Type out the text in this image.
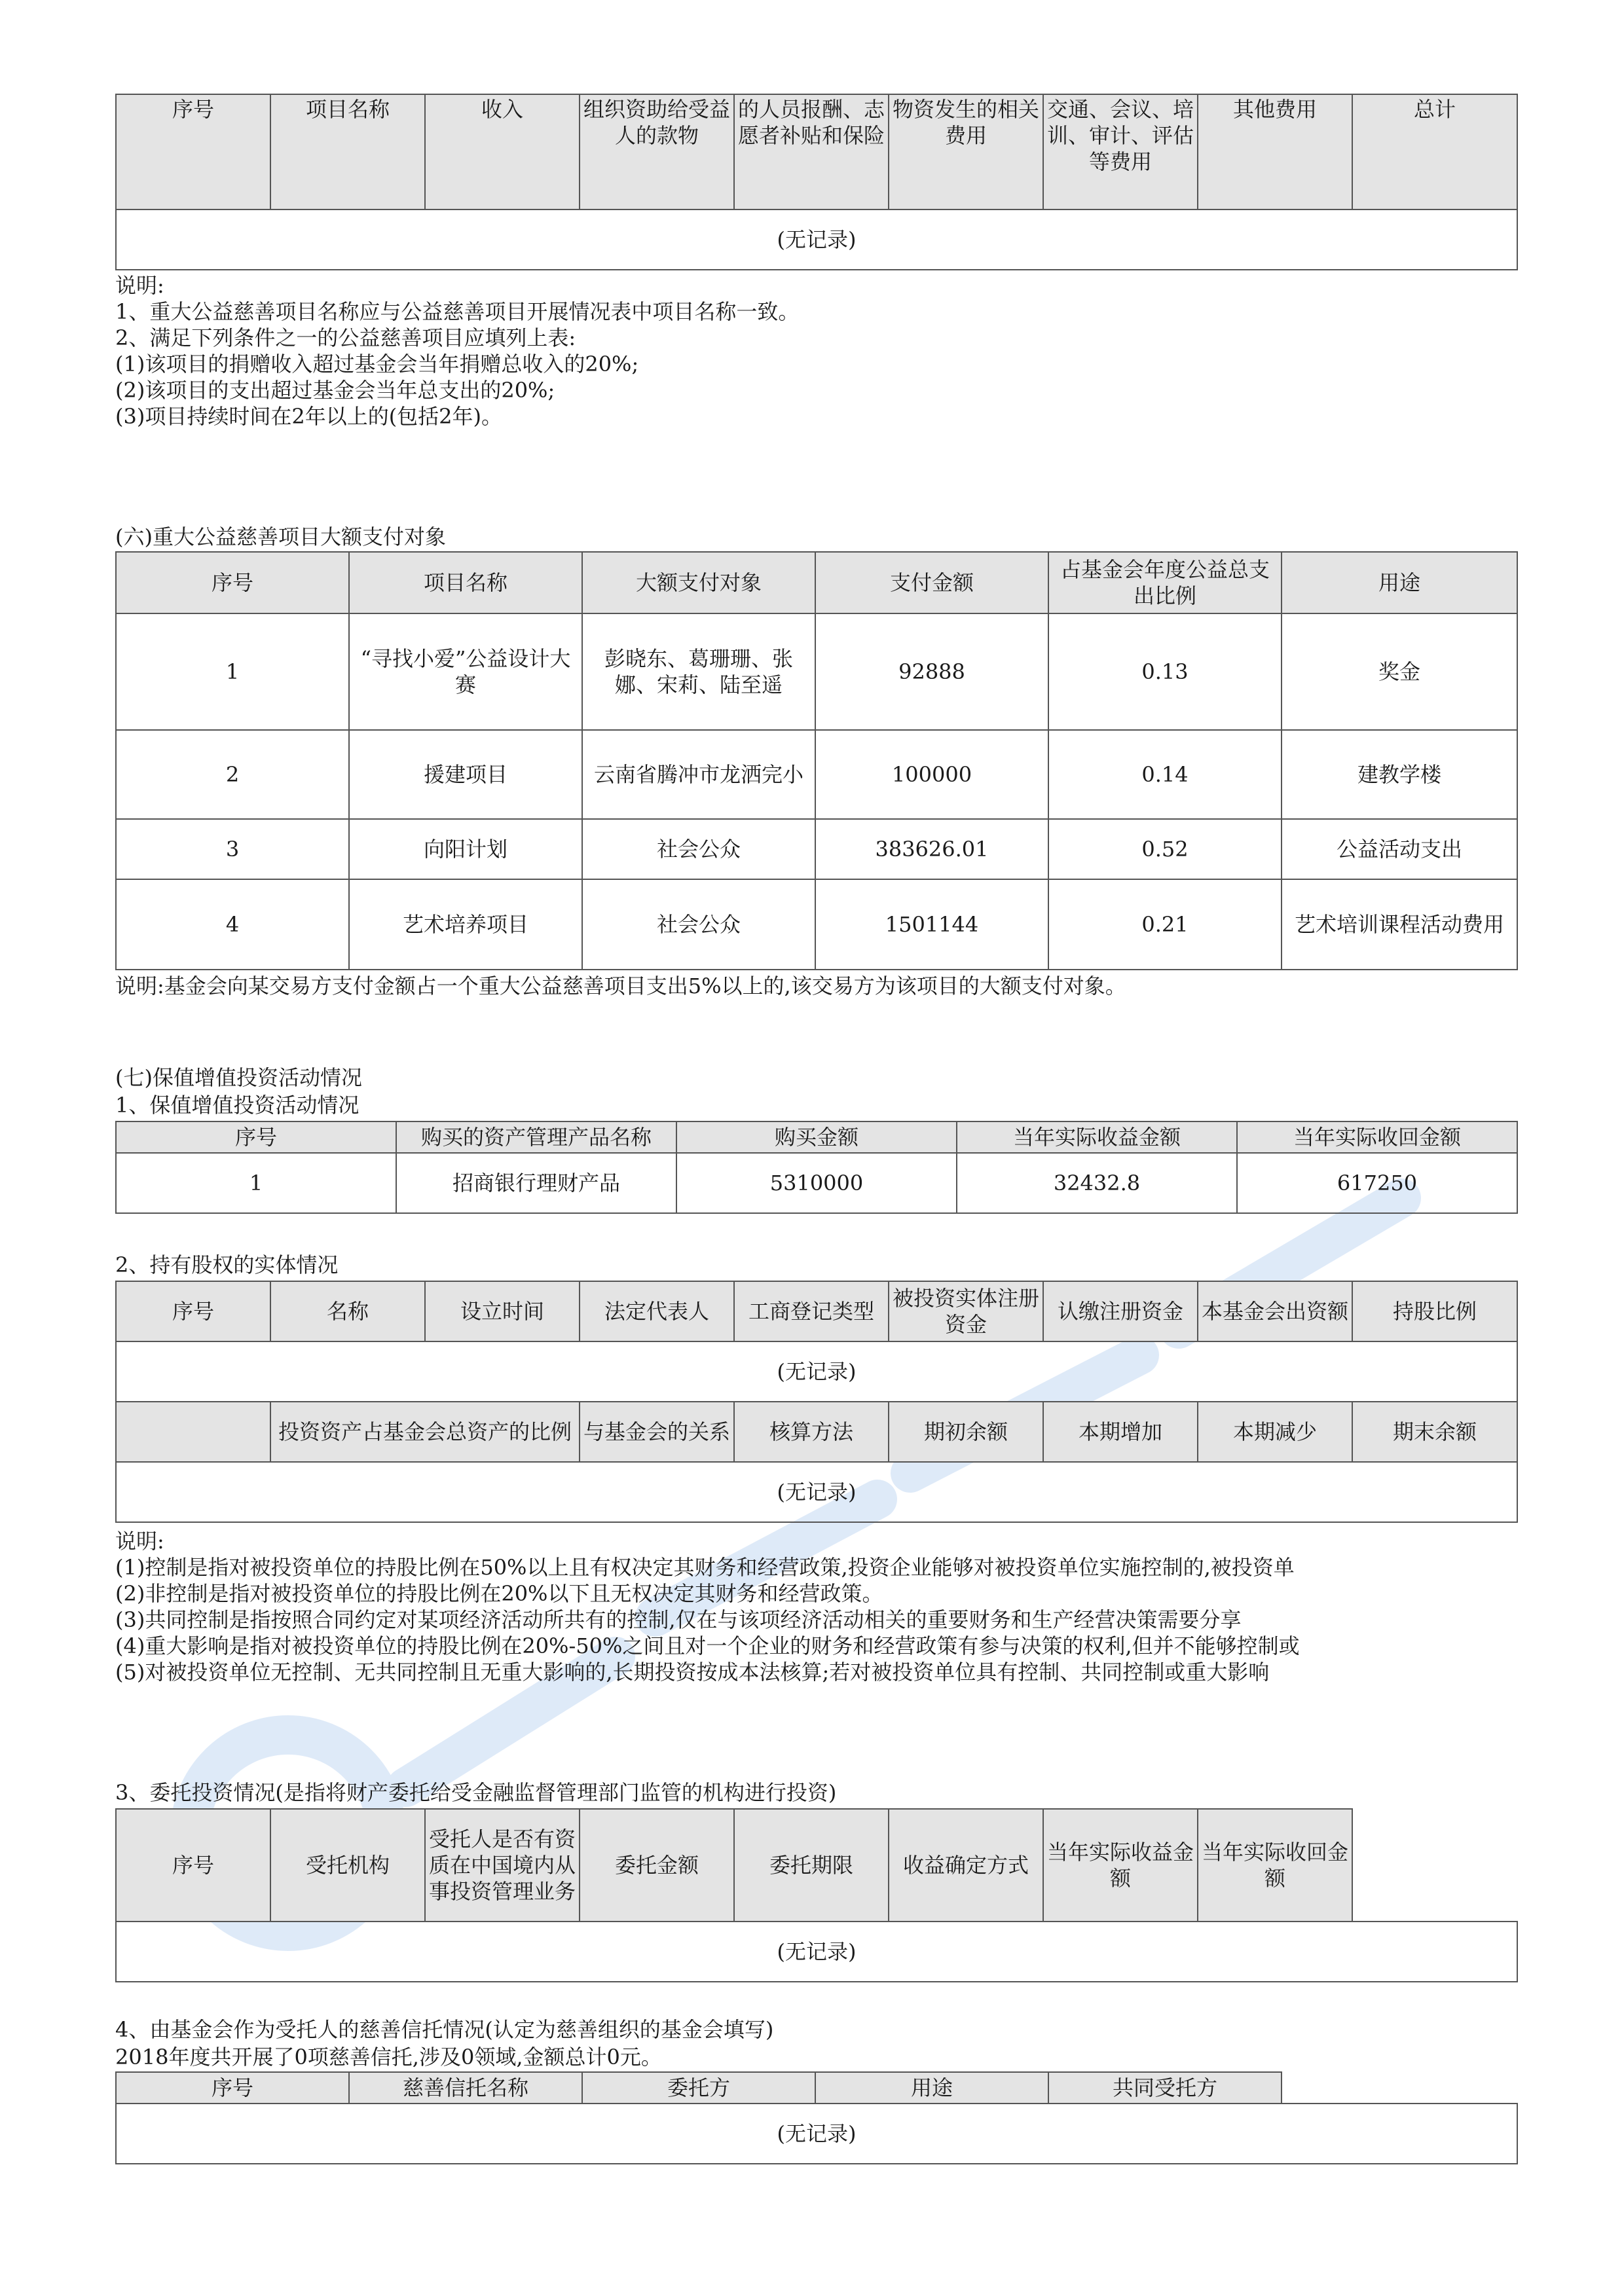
序号	项目名称	收入	组织资助给受益人的款物	的人员报酬、志愿者补贴和保险	物资发生的相关费用	交通、会议、培训、审计、评估等费用	其他费用	总计
(无记录)
说明:
1、重大公益慈善项目名称应与公益慈善项目开展情况表中项目名称一致。
2、满足下列条件之一的公益慈善项目应填列上表:
(1)该项目的捐赠收入超过基金会当年捐赠总收入的20%;
(2)该项目的支出超过基金会当年总支出的20%;
(3)项目持续时间在2年以上的(包括2年)。
(六)重大公益慈善项目大额支付对象
序号	项目名称	大额支付对象	支付金额	占基金会年度公益总支出比例	用途
1	“寻找小爱”公益设计大赛	彭晓东、葛珊珊、张娜、宋莉、陆至遥	92888	0.13	奖金
2	援建项目	云南省腾冲市龙洒完小	100000	0.14	建教学楼
3	向阳计划	社会公众	383626.01	0.52	公益活动支出
4	艺术培养项目	社会公众	1501144	0.21	艺术培训课程活动费用
说明:基金会向某交易方支付金额占一个重大公益慈善项目支出5%以上的,该交易方为该项目的大额支付对象。
(七)保值增值投资活动情况
1、保值增值投资活动情况
序号	购买的资产管理产品名称	购买金额	当年实际收益金额	当年实际收回金额
1	招商银行理财产品	5310000	32432.8	617250
2、持有股权的实体情况
序号	名称	设立时间	法定代表人	工商登记类型	被投资实体注册资金	认缴注册资金	本基金会出资额	持股比例
(无记录)								
	投资资产占基金会总资产的比例		与基金会的关系	核算方法	期初余额	本期增加	本期减少	期末余额
(无记录)								
说明:
(1)控制是指对被投资单位的持股比例在50%以上且有权决定其财务和经营政策,投资企业能够对被投资单位实施控制的,被投资单
(2)非控制是指对被投资单位的持股比例在20%以下且无权决定其财务和经营政策。
(3)共同控制是指按照合同约定对某项经济活动所共有的控制,仅在与该项经济活动相关的重要财务和生产经营决策需要分享
(4)重大影响是指对被投资单位的持股比例在20%-50%之间且对一个企业的财务和经营政策有参与决策的权利,但并不能够控制或
(5)对被投资单位无控制、无共同控制且无重大影响的,长期投资按成本法核算;若对被投资单位具有控制、共同控制或重大影响
3、委托投资情况(是指将财产委托给受金融监督管理部门监管的机构进行投资)
序号	受托机构	受托人是否有资质在中国境内从事投资管理业务	委托金额	委托期限	收益确定方式	当年实际收益金额	当年实际收回金额	
(无记录)
4、由基金会作为受托人的慈善信托情况(认定为慈善组织的基金会填写)
2018年度共开展了0项慈善信托,涉及0领域,金额总计0元。
序号	慈善信托名称	委托方	用途	共同受托方	
(无记录)
